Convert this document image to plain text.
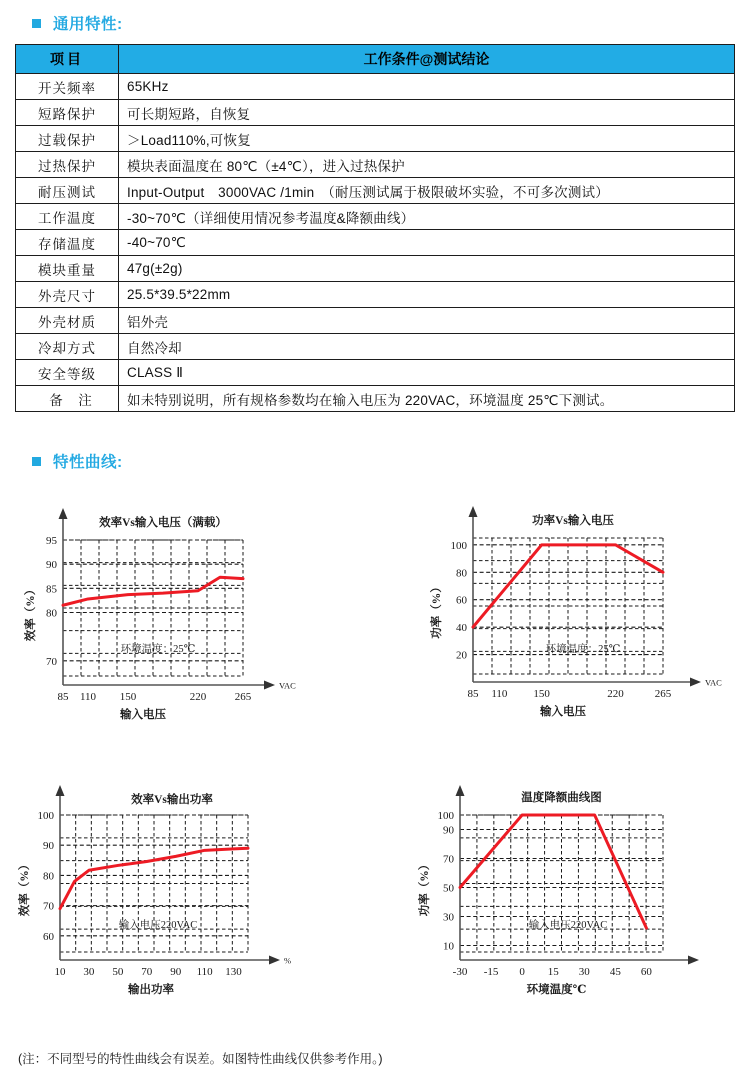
通用特性:
项目	工作条件@测试结论
开关频率	65KHz
短路保护	可长期短路，自恢复
过载保护	＞Load110%,可恢复
过热保护	模块表面温度在 80℃（±4℃），进入过热保护
耐压测试	Input-Output　3000VAC /1min　（耐压测试属于极限破坏实验，不可多次测试）
工作温度	-30~70℃（详细使用情况参考温度&降额曲线）
存储温度	-40~70℃
模块重量	47g(±2g)
外壳尺寸	25.5*39.5*22mm
外壳材质	铝外壳
冷却方式	自然冷却
安全等级	CLASS Ⅱ
备　注	如未特别说明，所有规格参数均在输入电压为 220VAC，环境温度 25℃下测试。
特性曲线:
效率Vs输入电压（满载）
70
80
85
90
95
85 110 150	220	265
VAC
环境温度：25℃
输入电压
效率（%）
功率Vs输入电压
20
40
60
80
100
85 110 150	220	265
VAC
环境温度：25℃
输入电压
功率（%）
效率Vs输出功率
60
70
80
90
100
10 30 50 70 90 110 130
%
输入电压220VAC
输出功率
效率（%）
温度降额曲线图
10
30
50
70
90
100
-30 -15 0 15 30 45 60
输入电压220VAC
环境温度℃
功率（%）
(注：不同型号的特性曲线会有误差。如图特性曲线仅供参考作用。)
